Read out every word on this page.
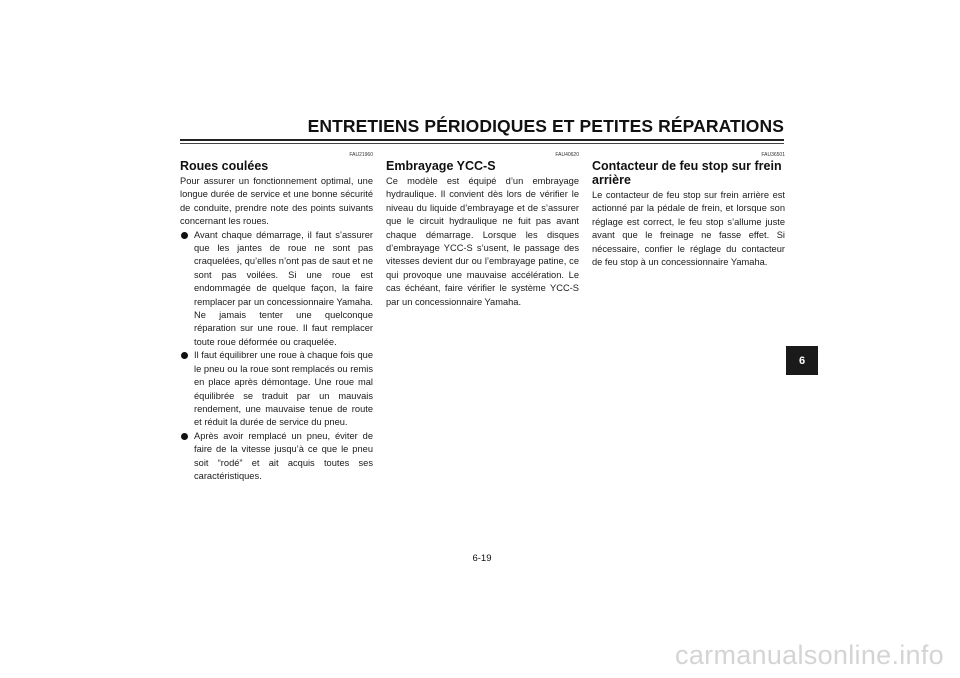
ENTRETIENS PÉRIODIQUES ET PETITES RÉPARATIONS
FAU21960
Roues coulées

Pour assurer un fonctionnement optimal, une longue durée de service et une bonne sécurité de conduite, prendre note des points suivants concernant les roues.

Avant chaque démarrage, il faut s’assurer que les jantes de roue ne sont pas craquelées, qu’elles n’ont pas de saut et ne sont pas voilées. Si une roue est endommagée de quelque façon, la faire remplacer par un concessionnaire Yamaha. Ne jamais tenter une quelconque réparation sur une roue. Il faut remplacer toute roue déformée ou craquelée.
Il faut équilibrer une roue à chaque fois que le pneu ou la roue sont remplacés ou remis en place après démontage. Une roue mal équilibrée se traduit par un mauvais rendement, une mauvaise tenue de route et réduit la durée de service du pneu.
Après avoir remplacé un pneu, éviter de faire de la vitesse jusqu’à ce que le pneu soit “rodé” et ait acquis toutes ses caractéristiques.
FAU40620
Embrayage YCC-S

Ce modèle est équipé d’un embrayage hydraulique. Il convient dès lors de vérifier le niveau du liquide d’embrayage et de s’assurer que le circuit hydraulique ne fuit pas avant chaque démarrage. Lorsque les disques d’embrayage YCC-S s’usent, le passage des vitesses devient dur ou l’embrayage patine, ce qui provoque une mauvaise accélération. Le cas échéant, faire vérifier le système YCC-S par un concessionnaire Yamaha.

FAU36501
Contacteur de feu stop sur frein arrière

Le contacteur de feu stop sur frein arrière est actionné par la pédale de frein, et lorsque son réglage est correct, le feu stop s’allume juste avant que le freinage ne fasse effet. Si nécessaire, confier le réglage du contacteur de feu stop à un concessionnaire Yamaha.

6
6-19
carmanualsonline.info
